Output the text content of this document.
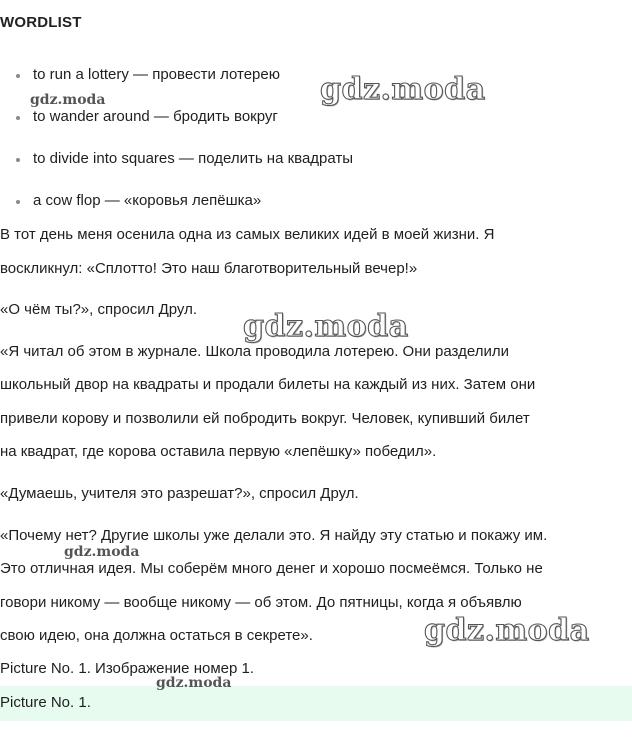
WORDLIST
to run a lottery — провести лотерею
to wander around — бродить вокруг
to divide into squares — поделить на квадраты
a cow flop — «коровья лепёшка»

В тот день меня осенила одна из самых великих идей в моей жизни. Я

воскликнул: «Сплотто! Это наш благотворительный вечер!»

«О чём ты?», спросил Друл.

«Я читал об этом в журнале. Школа проводила лотерею. Они разделили

школьный двор на квадраты и продали билеты на каждый из них. Затем они

привели корову и позволили ей побродить вокруг. Человек, купивший билет

на квадрат, где корова оставила первую «лепёшку» победил».

«Думаешь, учителя это разрешат?», спросил Друл.

«Почему нет? Другие школы уже делали это. Я найду эту статью и покажу им.

Это отличная идея. Мы соберём много денег и хорошо посмеёмся. Только не

говори никому — вообще никому — об этом. До пятницы, когда я объявлю

свою идею, она должна остаться в секрете».

Picture No. 1. Изображение номер 1.

Picture No. 1.
gdz.moda
gdz.moda
gdz.moda
gdz.moda
gdz.moda
gdz.moda
